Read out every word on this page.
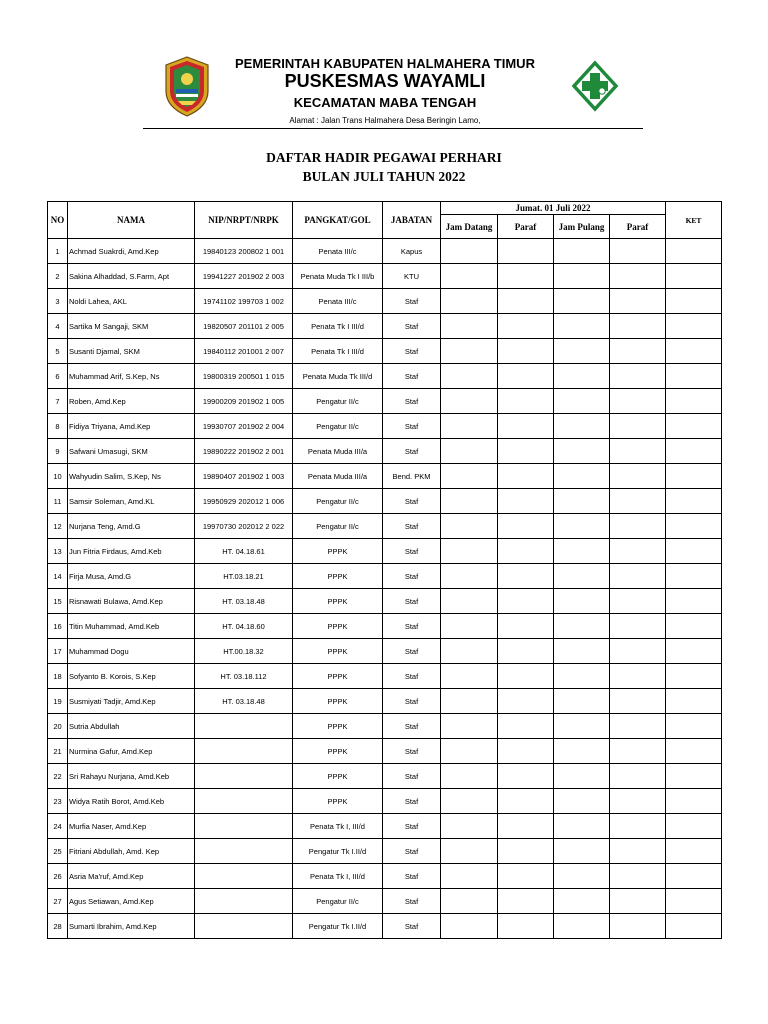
PEMERINTAH KABUPATEN HALMAHERA TIMUR
PUSKESMAS WAYAMLI
KECAMATAN MABA TENGAH
Alamat : Jalan Trans Halmahera Desa Beringin Lamo,
DAFTAR HADIR PEGAWAI PERHARI
BULAN JULI TAHUN 2022
NO	NAMA	NIP/NRPT/NRPK	PANGKAT/GOL	JABATAN	Jumat. 01 Juli 2022				KET
					Jam Datang	Paraf	Jam Pulang	Paraf	
1	Achmad Suakrdi, Amd.Kep	19840123 200802 1 001	Penata III/c	Kapus					
2	Sakina Alhaddad, S.Farm, Apt	19941227 201902 2 003	Penata Muda Tk I III/b	KTU					
3	Noldi Lahea, AKL	19741102 199703 1 002	Penata III/c	Staf					
4	Sartika M Sangaji, SKM	19820507 201101 2 005	Penata Tk I III/d	Staf					
5	Susanti Djamal, SKM	19840112 201001 2 007	Penata Tk I III/d	Staf					
6	Muhammad Arif, S.Kep, Ns	19800319 200501 1 015	Penata Muda Tk III/d	Staf					
7	Roben, Amd.Kep	19900209 201902 1 005	Pengatur II/c	Staf					
8	Fidiya Triyana, Amd.Kep	19930707 201902 2 004	Pengatur II/c	Staf					
9	Safwani Umasugi, SKM	19890222 201902 2 001	Penata Muda III/a	Staf					
10	Wahyudin Salim, S.Kep, Ns	19890407 201902 1 003	Penata Muda III/a	Bend. PKM					
11	Samsir Soleman, Amd.KL	19950929 202012 1 006	Pengatur II/c	Staf					
12	Nurjana Teng, Amd.G	19970730 202012 2 022	Pengatur II/c	Staf					
13	Jun Fitria Firdaus, Amd.Keb	HT. 04.18.61	PPPK	Staf					
14	Firja Musa, Amd.G	HT.03.18.21	PPPK	Staf					
15	Risnawati Bulawa, Amd.Kep	HT. 03.18.48	PPPK	Staf					
16	Titin Muhammad, Amd.Keb	HT. 04.18.60	PPPK	Staf					
17	Muhammad Dogu	HT.00.18.32	PPPK	Staf					
18	Sofyanto B. Korois, S.Kep	HT. 03.18.112	PPPK	Staf					
19	Susmiyati Tadjir, Amd.Kep	HT. 03.18.48	PPPK	Staf					
20	Sutria Abdullah		PPPK	Staf					
21	Nurmina Gafur, Amd.Kep		PPPK	Staf					
22	Sri Rahayu Nurjana, Amd.Keb		PPPK	Staf					
23	Widya Ratih Borot, Amd.Keb		PPPK	Staf					
24	Murfia Naser, Amd.Kep		Penata Tk I, III/d	Staf					
25	Fitriani Abdullah, Amd. Kep		Pengatur Tk I.II/d	Staf					
26	Asria Ma'ruf, Amd.Kep		Penata Tk I, III/d	Staf					
27	Agus Setiawan, Amd.Kep		Pengatur II/c	Staf					
28	Sumarti Ibrahim, Amd.Kep		Pengatur Tk I.II/d	Staf					
